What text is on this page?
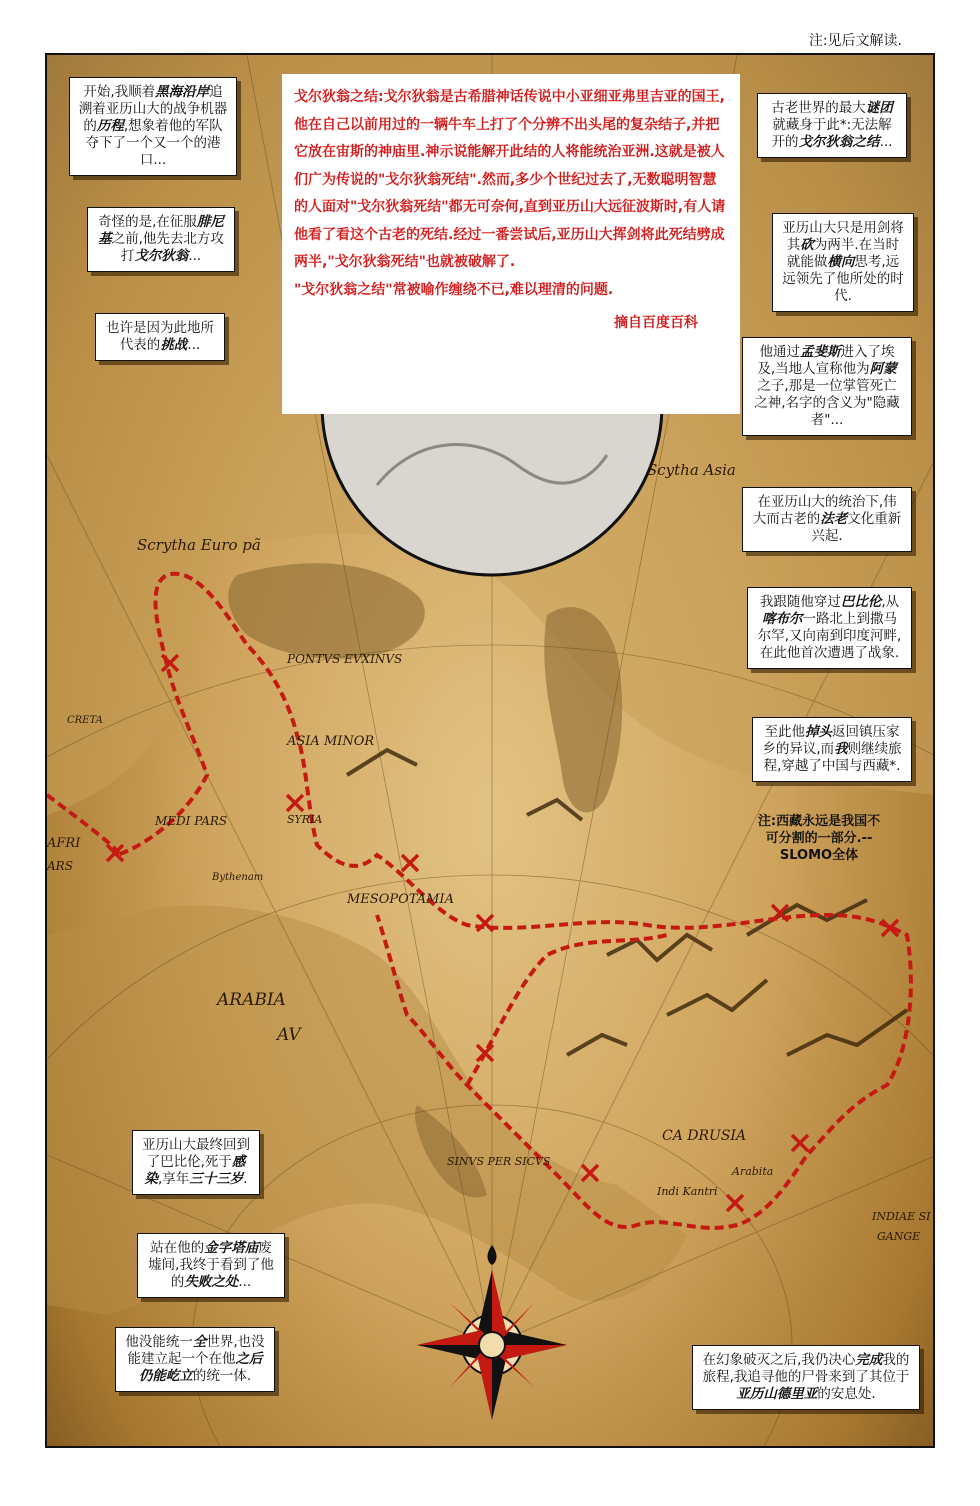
注:见后文解读.
Scytha Asia
Scrytha Euro pã
PONTVS EVXINVS
CRETA
ASIA MINOR
SYRIA
MEDI PARS
AFRI
ARS
Bythenam
MESOPOTAMIA
ARABIA
AV
CA DRUSIA
SINVS PER SICVS
Arabita
Indi Kantri
INDIAE SI
GANGE
开始,我顺着黑海沿岸追溯着亚历山大的战争机器的历程,想象着他的军队夺下了一个又一个的港口...
奇怪的是,在征服腓尼基之前,他先去北方攻打戈尔狄翁...
也许是因为此地所代表的挑战...
古老世界的最大谜团就藏身于此*:无法解开的戈尔狄翁之结...
亚历山大只是用剑将其砍为两半.在当时就能做横向思考,远远领先了他所处的时代.
他通过孟斐斯进入了埃及,当地人宣称他为阿蒙之子,那是一位掌管死亡之神,名字的含义为"隐藏者"...
在亚历山大的统治下,伟大而古老的法老文化重新兴起.
我跟随他穿过巴比伦,从喀布尔一路北上到撒马尔罕,又向南到印度河畔,在此他首次遭遇了战象.
至此他掉头返回镇压家乡的异议,而我则继续旅程,穿越了中国与西藏*.
注:西藏永远是我国不可分割的一部分.--SLOMO全体
亚历山大最终回到了巴比伦,死于感染,享年三十三岁.
站在他的金字塔庙废墟间,我终于看到了他的失败之处...
他没能统一全世界,也没能建立起一个在他之后仍能屹立的统一体.
在幻象破灭之后,我仍决心完成我的旅程,我追寻他的尸骨来到了其位于亚历山德里亚的安息处.

戈尔狄翁之结:戈尔狄翁是古希腊神话传说中小亚细亚弗里吉亚的国王,他在自己以前用过的一辆牛车上打了个分辨不出头尾的复杂结子,并把它放在宙斯的神庙里.神示说能解开此结的人将能统治亚洲.这就是被人们广为传说的"戈尔狄翁死结".然而,多少个世纪过去了,无数聪明智慧的人面对"戈尔狄翁死结"都无可奈何,直到亚历山大远征波斯时,有人请他看了看这个古老的死结.经过一番尝试后,亚历山大挥剑将此死结劈成两半,"戈尔狄翁死结"也就被破解了.

"戈尔狄翁之结"常被喻作缠绕不已,难以理清的问题.

摘自百度百科
